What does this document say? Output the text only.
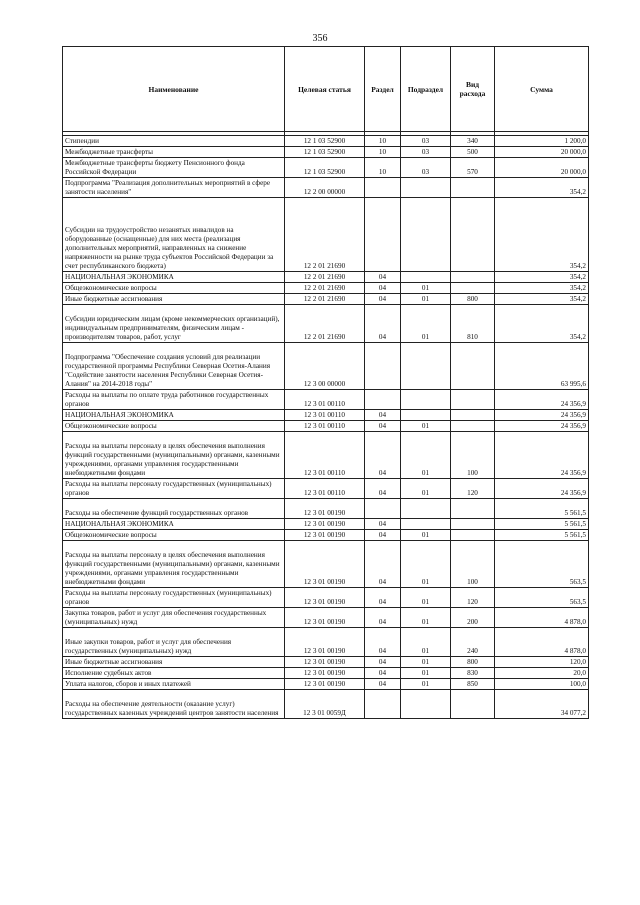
356
Наименование	Целевая статья	Раздел	Подраздел	Вид расхода	Сумма

Стипендии	12 1 03 52900	10	03	340	1 200,0
Межбюджетные трансферты	12 1 03 52900	10	03	500	20 000,0
Межбюджетные трансферты бюджету Пенсионного фонда Российской Федерации	12 1 03 52900	10	03	570	20 000,0
Подпрограмма "Реализация дополнительных мероприятий в сфере занятости населения"	12 2 00 00000				354,2
Субсидии на трудоустройство незанятых инвалидов на оборудованные (оснащенные) для них места (реализация дополнительных мероприятий, направленных на снижение напряженности на рынке труда субъектов Российской Федерации за счет республиканского бюджета)	12 2 01 21690				354,2
НАЦИОНАЛЬНАЯ ЭКОНОМИКА	12 2 01 21690	04			354,2
Общеэкономические вопросы	12 2 01 21690	04	01		354,2
Иные бюджетные ассигнования	12 2 01 21690	04	01	800	354,2
Субсидии юридическим лицам (кроме некоммерческих организаций), индивидуальным предпринимателям, физическим лицам - производителям товаров, работ, услуг	12 2 01 21690	04	01	810	354,2
Подпрограмма "Обеспечение создания условий для реализации государственной программы Республики Северная Осетия-Алания "Содействие занятости населения Республики Северная Осетия-Алания" на 2014-2018 годы"	12 3 00 00000				63 995,6
Расходы на выплаты по оплате труда работников государственных органов	12 3 01 00110				24 356,9
НАЦИОНАЛЬНАЯ ЭКОНОМИКА	12 3 01 00110	04			24 356,9
Общеэкономические вопросы	12 3 01 00110	04	01		24 356,9
Расходы на выплаты персоналу в целях обеспечения выполнения функций государственными (муниципальными) органами, казенными учреждениями, органами управления государственными внебюджетными фондами	12 3 01 00110	04	01	100	24 356,9
Расходы на выплаты персоналу государственных (муниципальных) органов	12 3 01 00110	04	01	120	24 356,9
Расходы на обеспечение функций государственных органов	12 3 01 00190				5 561,5
НАЦИОНАЛЬНАЯ ЭКОНОМИКА	12 3 01 00190	04			5 561,5
Общеэкономические вопросы	12 3 01 00190	04	01		5 561,5
Расходы на выплаты персоналу в целях обеспечения выполнения функций государственными (муниципальными) органами, казенными учреждениями, органами управления государственными внебюджетными фондами	12 3 01 00190	04	01	100	563,5
Расходы на выплаты персоналу государственных (муниципальных) органов	12 3 01 00190	04	01	120	563,5
Закупка товаров, работ и услуг для обеспечения государственных (муниципальных) нужд	12 3 01 00190	04	01	200	4 878,0
Иные закупки товаров, работ и услуг для обеспечения государственных (муниципальных) нужд	12 3 01 00190	04	01	240	4 878,0
Иные бюджетные ассигнования	12 3 01 00190	04	01	800	120,0
Исполнение судебных актов	12 3 01 00190	04	01	830	20,0
Уплата налогов, сборов и иных платежей	12 3 01 00190	04	01	850	100,0
Расходы на обеспечение деятельности (оказание услуг) государственных казенных учреждений центров занятости населения	12 3 01 0059Д				34 077,2
